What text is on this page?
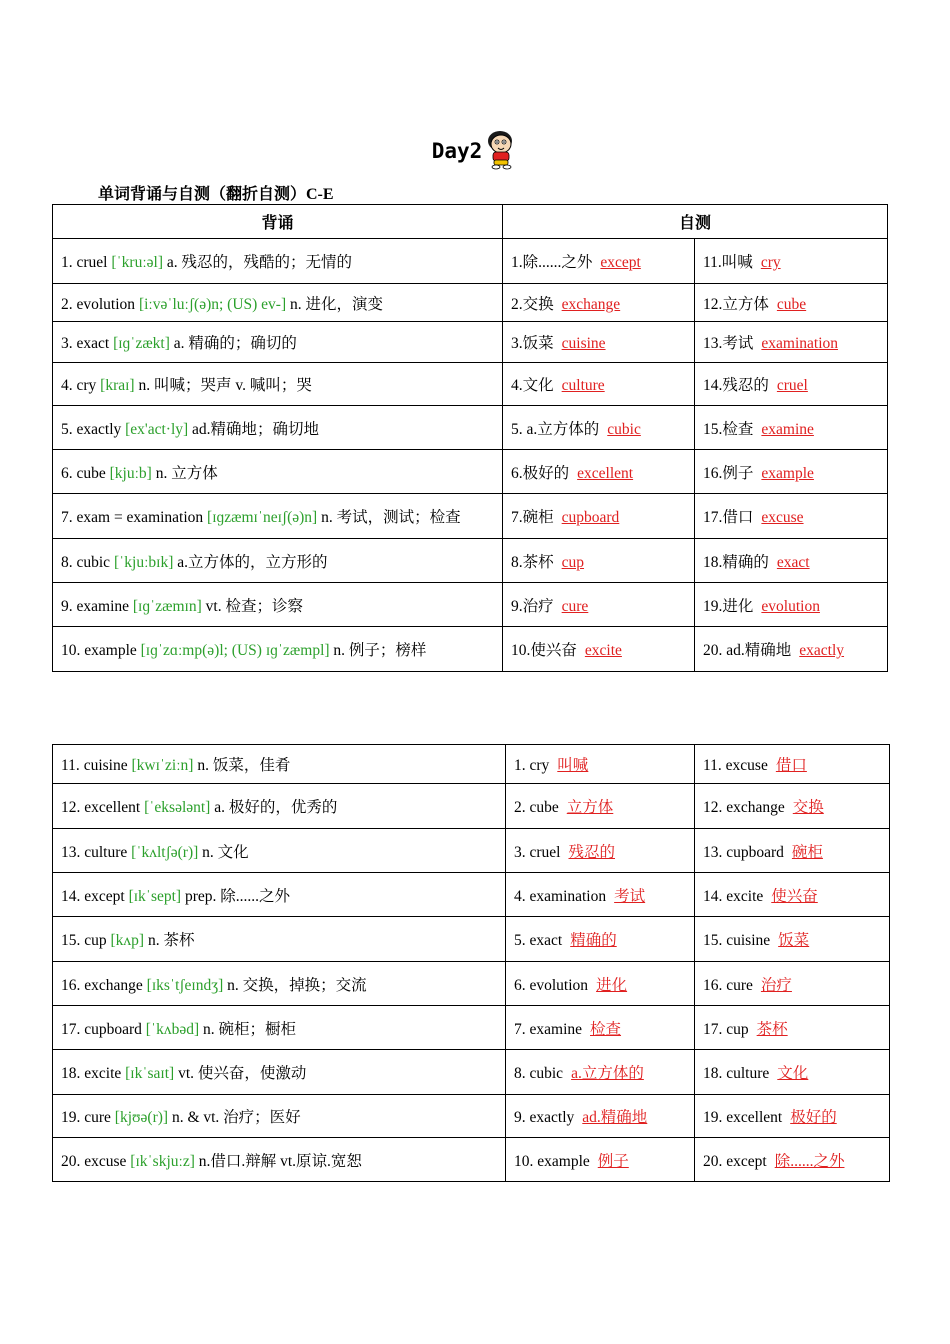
Day2
单词背诵与自测（翻折自测）C-E
背诵	自测	
1. cruel [ˈkruːəl] a. 残忍的，残酷的；无情的	1.除......之外 except	11.叫喊 cry
2. evolution [iːvəˈluːʃ(ə)n; (US) ev-] n. 进化，演变	2.交换 exchange	12.立方体 cube
3. exact [ɪɡˈzækt] a. 精确的；确切的	3.饭菜 cuisine	13.考试 examination
4. cry [kraɪ] n. 叫喊；哭声 v. 喊叫；哭	4.文化 culture	14.残忍的 cruel
5. exactly [ex'act·ly] ad.精确地；确切地	5. a.立方体的 cubic	15.检查 examine
6. cube [kjuːb] n. 立方体	6.极好的 excellent	16.例子 example
7. exam = examination [ɪɡzæmɪˈneɪʃ(ə)n] n. 考试，测试；检查	7.碗柜 cupboard	17.借口 excuse
8. cubic [ˈkjuːbɪk] a.立方体的，立方形的	8.茶杯 cup	18.精确的 exact
9. examine [ɪɡˈzæmɪn] vt. 检查；诊察	9.治疗 cure	19.进化 evolution
10. example [ɪɡˈzɑːmp(ə)l; (US) ɪɡˈzæmpl] n. 例子；榜样	10.使兴奋 excite	20. ad.精确地 exactly
11. cuisine [kwɪˈziːn] n. 饭菜，佳肴	1. cry 叫喊	11. excuse 借口
12. excellent [ˈeksələnt] a. 极好的，优秀的	2. cube 立方体	12. exchange 交换
13. culture [ˈkʌltʃə(r)] n. 文化	3. cruel 残忍的	13. cupboard 碗柜
14. except [ɪkˈsept] prep. 除......之外	4. examination 考试	14. excite 使兴奋
15. cup [kʌp] n. 茶杯	5. exact 精确的	15. cuisine 饭菜
16. exchange [ɪksˈtʃeɪndʒ] n. 交换，掉换；交流	6. evolution 进化	16. cure 治疗
17. cupboard [ˈkʌbəd] n. 碗柜；橱柜	7. examine 检查	17. cup 茶杯
18. excite [ɪkˈsaɪt] vt. 使兴奋，使激动	8. cubic a.立方体的	18. culture 文化
19. cure [kjʊə(r)] n. & vt. 治疗；医好	9. exactly ad.精确地	19. excellent 极好的
20. excuse [ɪkˈskjuːz] n.借口.辩解 vt.原谅.宽恕	10. example 例子	20. except 除......之外
